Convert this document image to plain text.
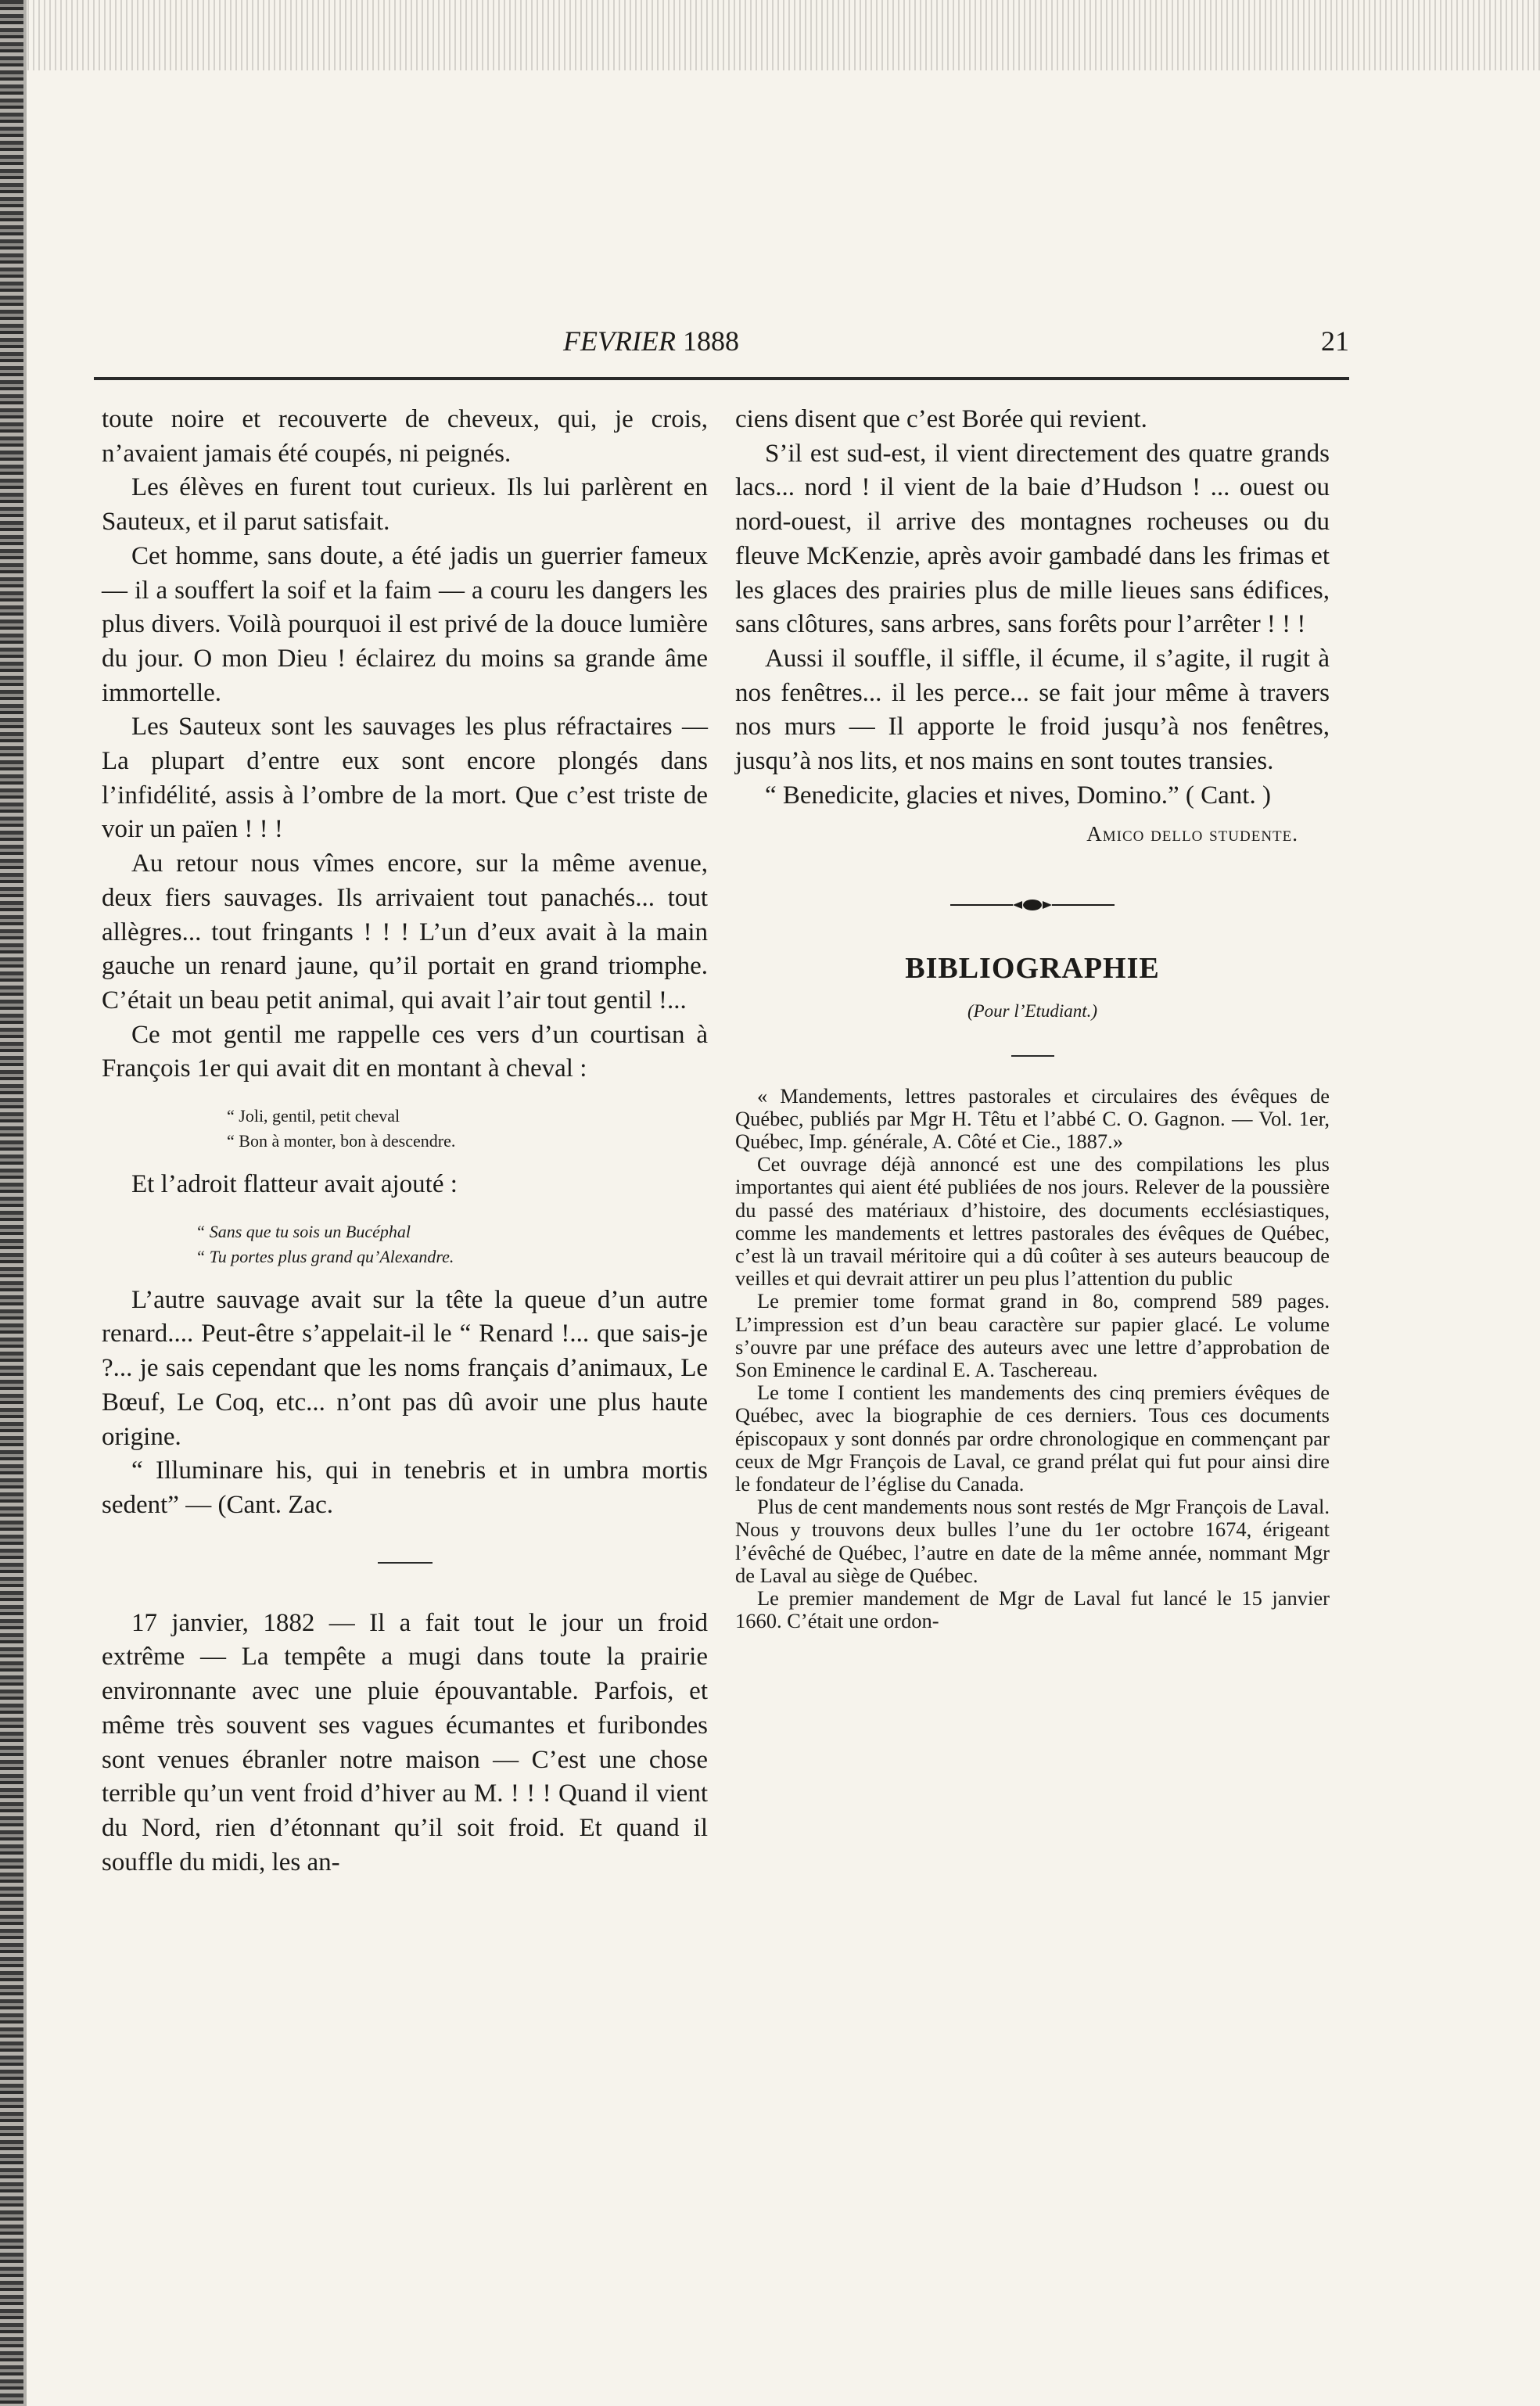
FEVRIER 1888	21

toute noire et recouverte de cheveux, qui, je crois, n’avaient jamais été coupés, ni peignés.

Les élèves en furent tout curieux. Ils lui parlèrent en Sauteux, et il parut satisfait.

Cet homme, sans doute, a été jadis un guerrier fameux — il a souffert la soif et la faim — a couru les dangers les plus divers. Voilà pourquoi il est privé de la douce lumière du jour. O mon Dieu ! éclairez du moins sa grande âme immortelle.

Les Sauteux sont les sauvages les plus réfractaires — La plupart d’entre eux sont encore plongés dans l’infidélité, assis à l’ombre de la mort. Que c’est triste de voir un païen ! ! !

Au retour nous vîmes encore, sur la même avenue, deux fiers sauvages. Ils arrivaient tout panachés... tout allègres... tout fringants ! ! ! L’un d’eux avait à la main gauche un renard jaune, qu’il portait en grand triomphe. C’était un beau petit animal, qui avait l’air tout gentil !...

Ce mot gentil me rappelle ces vers d’un courtisan à François 1er qui avait dit en montant à cheval :

“ Joli, gentil, petit cheval
“ Bon à monter, bon à descendre.

Et l’adroit flatteur avait ajouté :

“ Sans que tu sois un Bucéphal
“ Tu portes plus grand qu’Alexandre.

L’autre sauvage avait sur la tête la queue d’un autre renard.... Peut-être s’appelait-il le “ Renard !... que sais-je ?... je sais cependant que les noms français d’animaux, Le Bœuf, Le Coq, etc... n’ont pas dû avoir une plus haute origine.

“ Illuminare his, qui in tenebris et in umbra mortis sedent” — (Cant. Zac.

17 janvier, 1882 — Il a fait tout le jour un froid extrême — La tempête a mugi dans toute la prairie environnante avec une pluie épouvantable. Parfois, et même très souvent ses vagues écumantes et furibondes sont venues ébranler notre maison — C’est une chose terrible qu’un vent froid d’hiver au M. ! ! ! Quand il vient du Nord, rien d’étonnant qu’il soit froid. Et quand il souffle du midi, les an-

ciens disent que c’est Borée qui revient.

S’il est sud-est, il vient directement des quatre grands lacs... nord ! il vient de la baie d’Hudson ! ... ouest ou nord-ouest, il arrive des montagnes rocheuses ou du fleuve McKenzie, après avoir gambadé dans les frimas et les glaces des prairies plus de mille lieues sans édifices, sans clôtures, sans arbres, sans forêts pour l’arrêter ! ! !

Aussi il souffle, il siffle, il écume, il s’agite, il rugit à nos fenêtres... il les perce... se fait jour même à travers nos murs — Il apporte le froid jusqu’à nos fenêtres, jusqu’à nos lits, et nos mains en sont toutes transies.

“ Benedicite, glacies et nives, Domino.” ( Cant. )

Amico dello studente.
BIBLIOGRAPHIE
(Pour l’Etudiant.)

« Mandements, lettres pastorales et circulaires des évêques de Québec, publiés par Mgr H. Têtu et l’abbé C. O. Gagnon. — Vol. 1er, Québec, Imp. générale, A. Côté et Cie., 1887.»

Cet ouvrage déjà annoncé est une des compilations les plus importantes qui aient été publiées de nos jours. Relever de la poussière du passé des matériaux d’histoire, des documents ecclésiastiques, comme les mandements et lettres pastorales des évêques de Québec, c’est là un travail méritoire qui a dû coûter à ses auteurs beaucoup de veilles et qui devrait attirer un peu plus l’attention du public

Le premier tome format grand in 8o, comprend 589 pages. L’impression est d’un beau caractère sur papier glacé. Le volume s’ouvre par une préface des auteurs avec une lettre d’approbation de Son Eminence le cardinal E. A. Taschereau.

Le tome I contient les mandements des cinq premiers évêques de Québec, avec la biographie de ces derniers. Tous ces documents épiscopaux y sont donnés par ordre chronologique en commençant par ceux de Mgr François de Laval, ce grand prélat qui fut pour ainsi dire le fondateur de l’église du Canada.

Plus de cent mandements nous sont restés de Mgr François de Laval. Nous y trouvons deux bulles l’une du 1er octobre 1674, érigeant l’évêché de Québec, l’autre en date de la même année, nommant Mgr de Laval au siège de Québec.

Le premier mandement de Mgr de Laval fut lancé le 15 janvier 1660. C’était une ordon-
